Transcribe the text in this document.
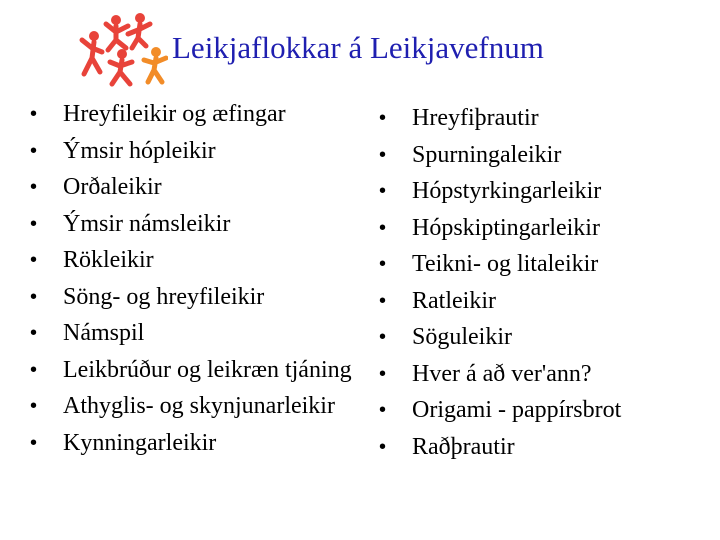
Leikjaflokkar á Leikjavefnum
• Hreyfileikir og æfingar
• Ýmsir hópleikir
• Orðaleikir
• Ýmsir námsleikir
• Rökleikir
• Söng- og hreyfileikir
• Námspil
• Leikbrúður og leikræn tjáning
• Athyglis- og skynjunarleikir
• Kynningarleikir
• Hreyfiþrautir
• Spurningaleikir
• Hópstyrkingarleikir
• Hópskiptingarleikir
• Teikni- og litaleikir
• Ratleikir
• Söguleikir
• Hver á að ver'ann?
• Origami - pappírsbrot
• Raðþrautir
